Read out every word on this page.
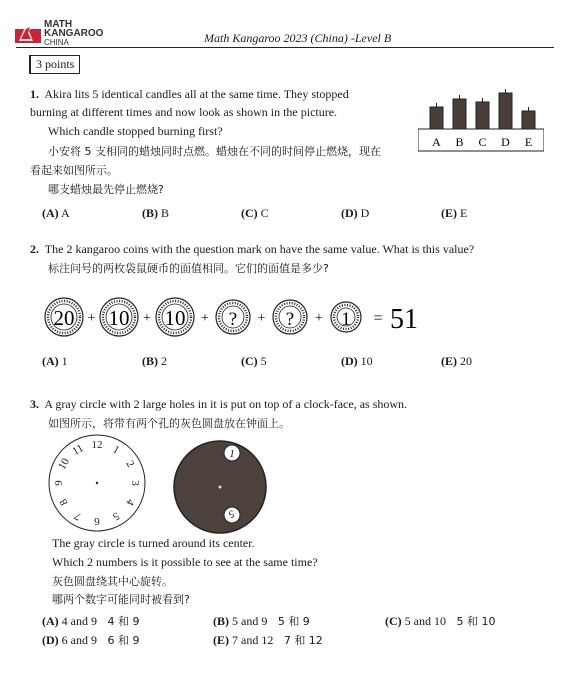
MATH
KANGAROO
CHINA	Math Kangaroo 2023 (China) -Level B
3 points
1. Akira lits 5 identical candles all at the same time. They stopped
burning at different times and now look as shown in the picture.
Which candle stopped burning first?
小安将 5 支相同的蜡烛同时点燃。蜡烛在不同的时间停止燃烧，现在
看起来如图所示。
哪支蜡烛最先停止燃烧?
A B C D E
(A) A	(B) B	(C) C	(D) D	(E) E
2. The 2 kangaroo coins with the question mark on have the same value. What is this value?
标注问号的两枚袋鼠硬币的面值相同。它们的面值是多少?
20 + 10 + 10 + ? + ? + 1 = 51
(A) 1	(B) 2	(C) 5	(D) 10	(E) 20
3. A gray circle with 2 large holes in it is put on top of a clock-face, as shown.
如图所示，将带有两个孔的灰色圆盘放在钟面上。
12 1
2
3
4
5
6
7
8
9
10
11	1
5
The gray circle is turned around its center.
Which 2 numbers is it possible to see at the same time?
灰色圆盘绕其中心旋转。
哪两个数字可能同时被看到?
(A) 4 and 9   4 和 9	(B) 5 and 9   5 和 9	(C) 5 and 10   5 和 10
(D) 6 and 9   6 和 9	(E) 7 and 12   7 和 12
